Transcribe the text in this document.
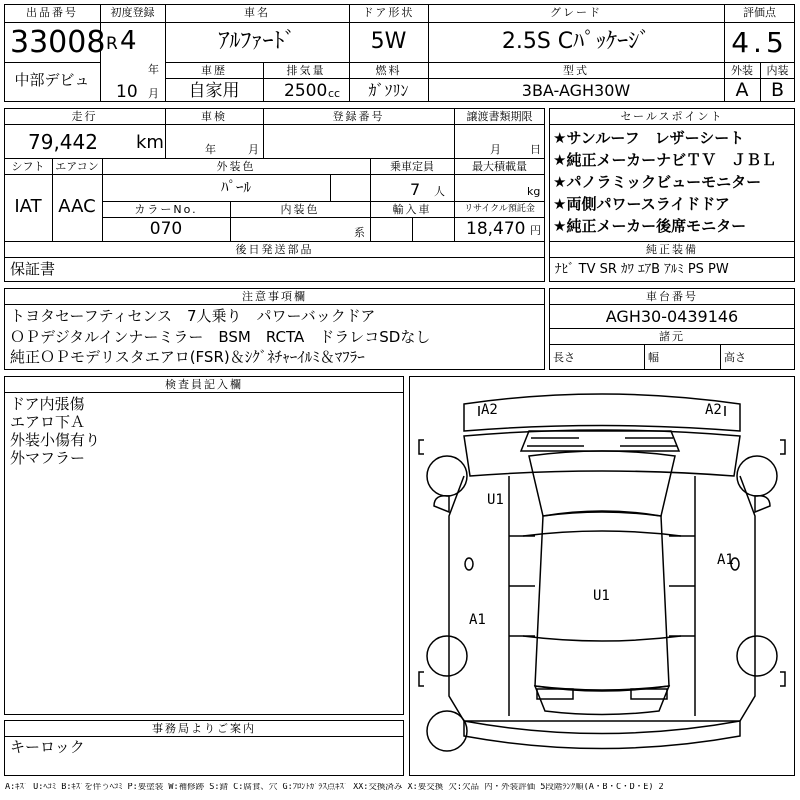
出品番号
33008
中部デビュ
初度登録
R 4
年
10 月
車名
ｱﾙﾌｧｰﾄﾞ
ドア形状
5W
グレード
2.5S Cﾊﾟｯｹｰｼﾞ
評価点
4.5
車歴
自家用
排気量
2500 cc
燃料
ｶﾞｿﾘﾝ
型式
3BA-AGH30W
外装
A
内装
B
走行
79,442 km
車検
年	月
登録番号	譲渡書類期限
月	日
シフト
IAT
エアコン
AAC
外装色
ﾊﾟｰﾙ
乗車定員
7 人
最大積載量
kg
カラーNo.
070
内装色
系
輸入車	リサイクル預託金
18,470 円
後日発送部品
保証書
セールスポイント
★サンルーフ　レザーシート
★純正メーカーナビＴＶ　ＪＢＬ
★パノラミックビューモニター
★両側パワースライドドア
★純正メーカー後席モニター
純正装備
ﾅﾋﾞ TV SR ｶﾜ ｴｱB ｱﾙﾐ PS PW
注意事項欄
トヨタセーフティセンス　7人乗り　パワーバックドア
ＯＰデジタルインナーミラー　BSM　RCTA　ドラレコSDなし
純正ＯＰモデリスタエアロ(FSR)＆ｼｸﾞﾈﾁｬｰｲﾙﾐ＆ﾏﾌﾗｰ
車台番号
AGH30-0439146
諸元
長さ	幅	高さ
検査員記入欄
ドア内張傷
エアロ下Ａ
外装小傷有り
外マフラー
事務局よりご案内
キーロック
A2	A2
U1
A1
U1
A1
A:ｷｽﾞ U:ﾍｺﾐ B:ｷｽﾞを伴うﾍｺﾐ P:要塗装 W:補修跡 S:錆 C:腐食、穴 G:ﾌﾛﾝﾄｶﾞﾗｽ点ｷｽﾞ XX:交換済み X:要交換 欠:欠品 内・外装評価 5段階ﾗﾝｸ順(A・B・C・D・E) 2
